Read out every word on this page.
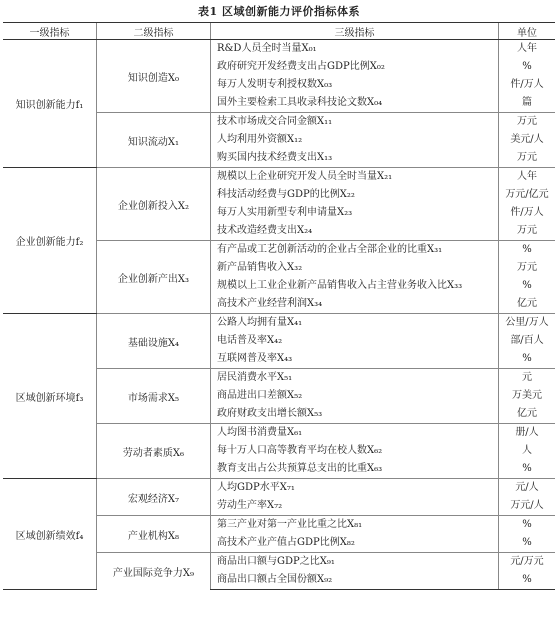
表1 区域创新能力评价指标体系
一级指标	二级指标	三级指标	单位
知识创新能力f₁	知识创造X₀	R&D人员全时当量X₀₁	人年
		政府研究开发经费支出占GDP比例X₀₂	%
		每万人发明专利授权数X₀₃	件/万人
		国外主要检索工具收录科技论文数X₀₄	篇
	知识流动X₁	技术市场成交合同金额X₁₁	万元
		人均利用外资额X₁₂	美元/人
		购买国内技术经费支出X₁₃	万元
企业创新能力f₂	企业创新投入X₂	规模以上企业研究开发人员全时当量X₂₁	人年
		科技活动经费与GDP的比例X₂₂	万元/亿元
		每万人实用新型专利申请量X₂₃	件/万人
		技术改造经费支出X₂₄	万元
	企业创新产出X₃	有产品或工艺创新活动的企业占全部企业的比重X₃₁	%
		新产品销售收入X₃₂	万元
		规模以上工业企业新产品销售收入占主营业务收入比X₃₃	%
		高技术产业经营利润X₃₄	亿元
区域创新环境f₃	基础设施X₄	公路人均拥有量X₄₁	公里/万人
		电话普及率X₄₂	部/百人
		互联网普及率X₄₃	%
	市场需求X₅	居民消费水平X₅₁	元
		商品进出口差额X₅₂	万美元
		政府财政支出增长额X₅₃	亿元
	劳动者素质X₆	人均图书消费量X₆₁	册/人
		每十万人口高等教育平均在校人数X₆₂	人
		教育支出占公共预算总支出的比重X₆₃	%
区域创新绩效f₄	宏观经济X₇	人均GDP水平X₇₁	元/人
		劳动生产率X₇₂	万元/人
	产业机构X₈	第三产业对第一产业比重之比X₈₁	%
		高技术产业产值占GDP比例X₈₂	%
	产业国际竞争力X₉	商品出口额与GDP之比X₉₁	元/万元
		商品出口额占全国份额X₉₂	%
